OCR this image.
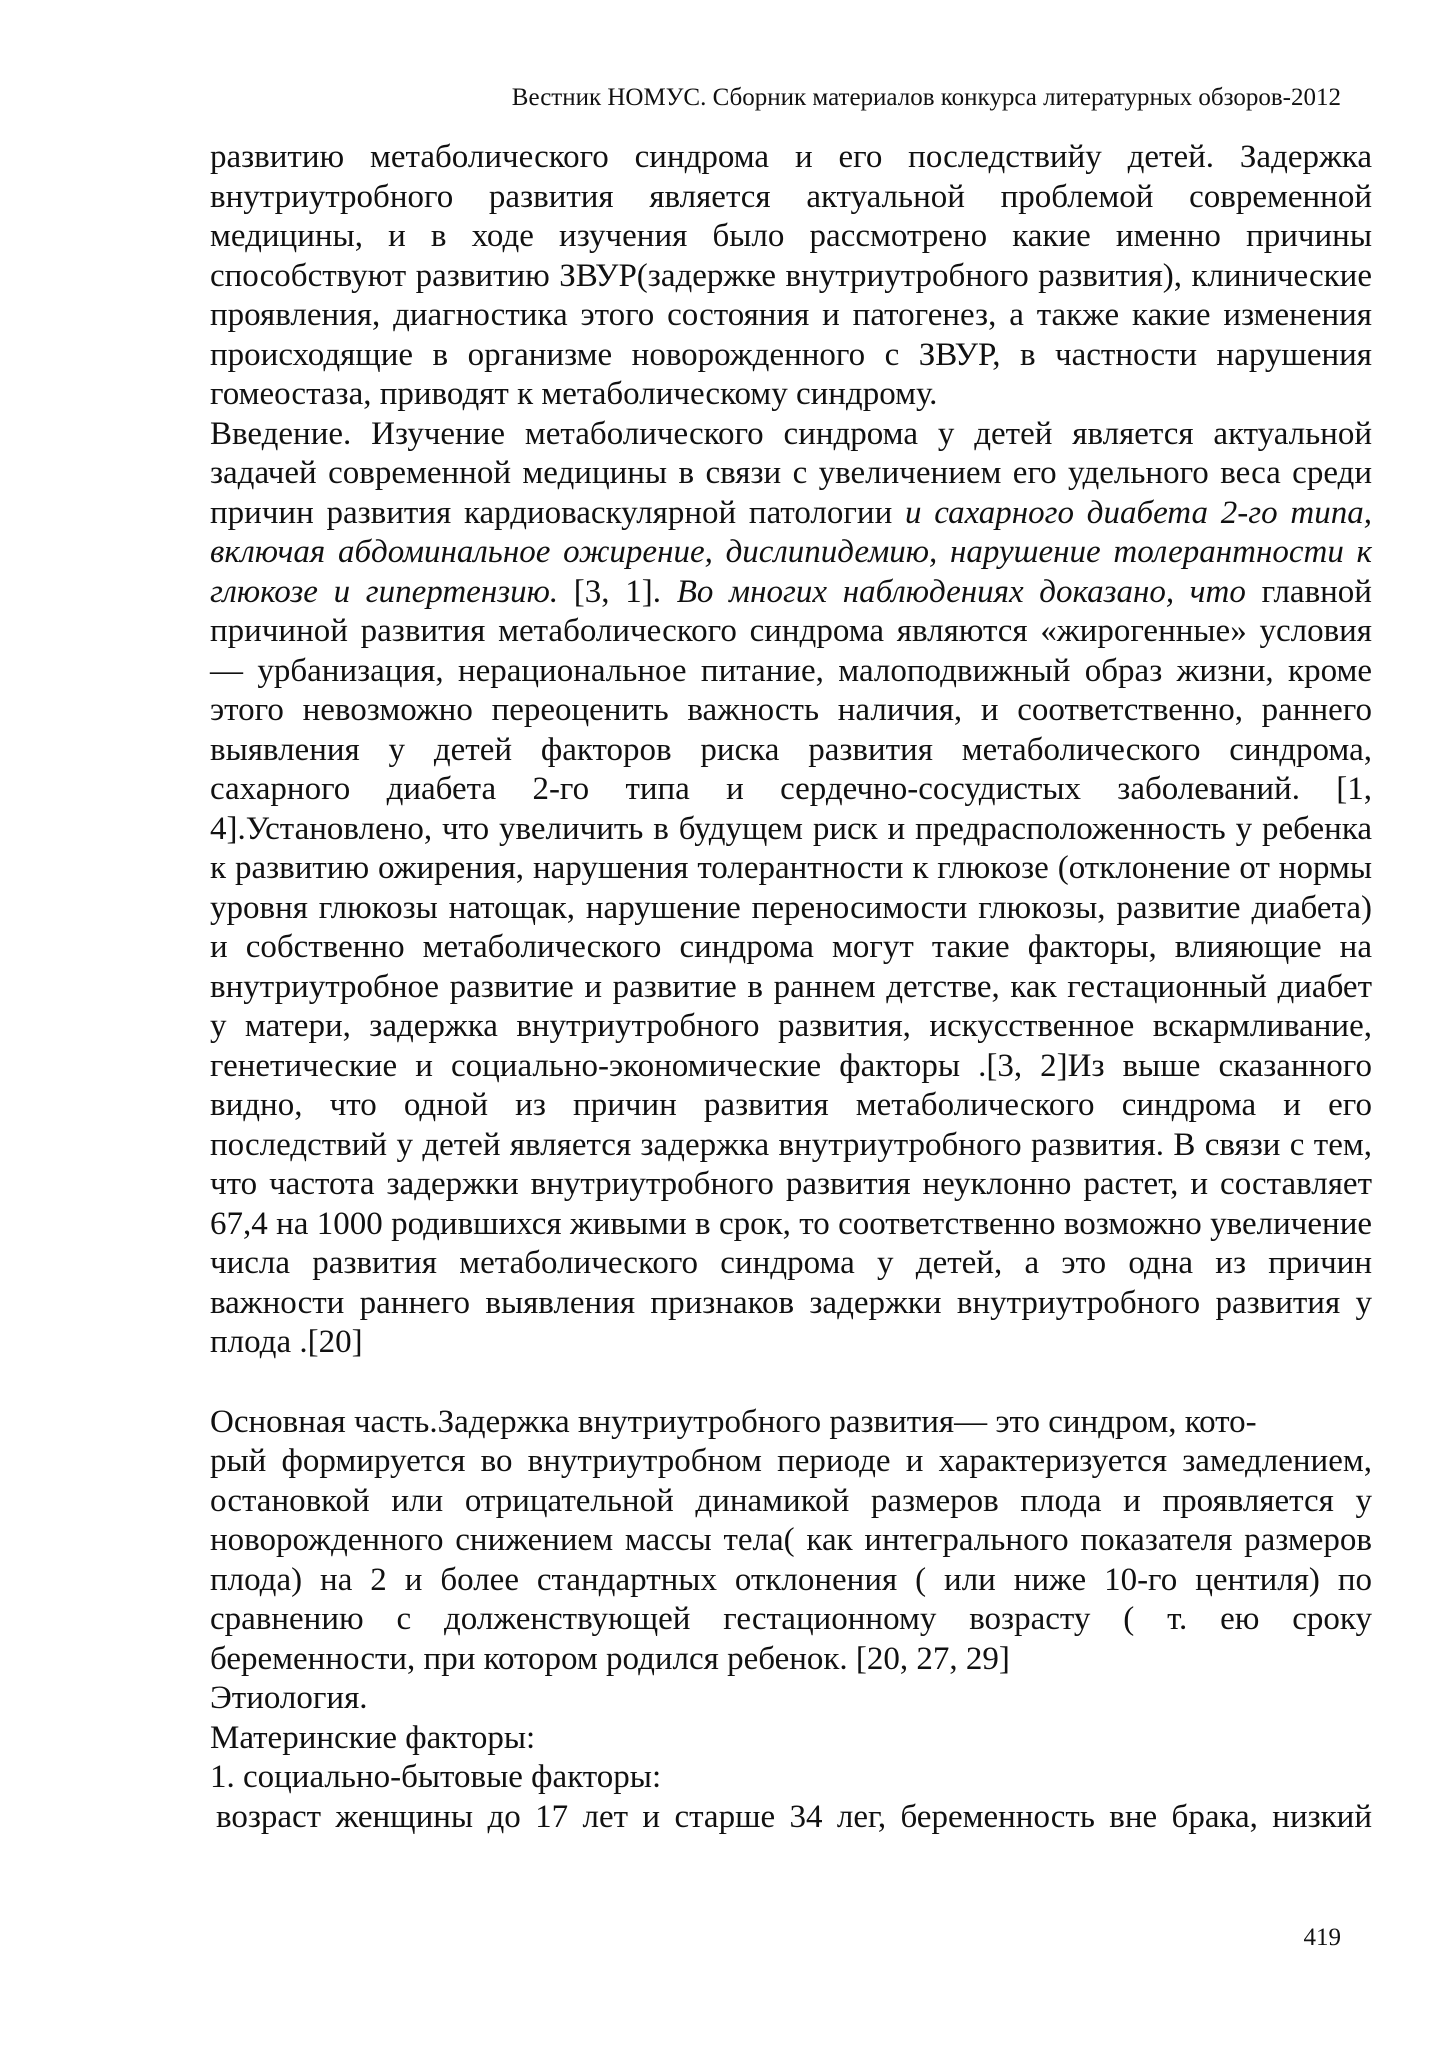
Вестник НОМУС. Сборник материалов конкурса литературных обзоров-2012

развитию метаболического синдрома и его последствийу детей. Задержка внутриутробного развития является актуальной проблемой современной медицины, и в ходе изучения было рассмотрено какие именно причины способствуют развитию ЗВУР(задержке внутриутробного развития), клинические проявления, диагностика этого состояния и патогенез, а также какие изменения происходящие в организме новорожденного с ЗВУР, в частности нарушения гомеостаза, приводят к метаболическому синдрому.

Введение. Изучение метаболического синдрома у детей является актуальной задачей современной медицины в связи с увеличением его удельного веса среди причин развития кардиоваскулярной патологии и сахарного диабета 2-го типа, включая абдоминальное ожирение, дислипидемию, нарушение толерантности к глюкозе и гипертензию. [3, 1]. Во многих наблюдениях доказано, что главной причиной развития метаболического синдрома являются «жирогенные» условия — урбанизация, нерациональное питание, малоподвижный образ жизни, кроме этого невозможно переоценить важность наличия, и соответственно, раннего выявления у детей факторов риска развития метаболического синдрома, сахарного диабета 2-го типа и сердечно-сосудистых заболеваний. [1, 4].Установлено, что увеличить в будущем риск и предрасположенность у ребенка к развитию ожирения, нарушения толерантности к глюкозе (отклонение от нормы уровня глюкозы натощак, нарушение переносимости глюкозы, развитие диабета) и собственно метаболического синдрома могут такие факторы, влияющие на внутриутробное развитие и развитие в раннем детстве, как гестационный диабет у матери, задержка внутриутробного развития, искусственное вскармливание, генетические и социально-экономические факторы .[3, 2]Из выше сказанного видно, что одной из причин развития метаболического синдрома и его последствий у детей является задержка внутриутробного развития. В связи с тем, что частота задержки внутриутробного развития неуклонно растет, и составляет 67,4 на 1000 родившихся живыми в срок, то соответственно возможно увеличение числа развития метаболического синдрома у детей, а это одна из причин важности раннего выявления признаков задержки внутриутробного развития у плода .[20]

Основная часть.Задержка внутриутробного развития— это синдром, кото-

рый формируется во внутриутробном периоде и характеризуется замедлением, остановкой или отрицательной динамикой размеров плода и проявляется у новорожденного снижением массы тела( как интегрального показателя размеров плода) на 2 и более стандартных отклонения ( или ниже 10-го центиля) по сравнению с долженствующей гестационному возрасту ( т. ею сроку беременности, при котором родился ребенок. [20, 27, 29]

Этиология.

Материнские факторы:

1. социально-бытовые факторы:

возраст женщины до 17 лет и старше 34 лег, беременность вне брака, низкий

419
